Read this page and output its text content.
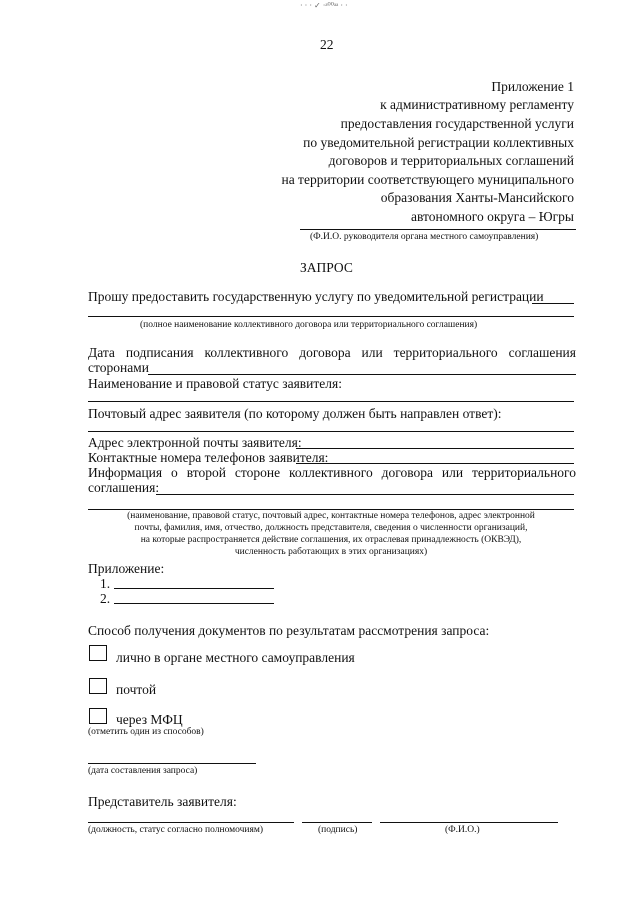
· · · ✓ ·ᵃ⁰⁰ᵃᵃ · ·
22
Приложение 1
к административному регламенту
предоставления государственной услуги
по уведомительной регистрации коллективных
договоров и территориальных соглашений
на территории соответствующего муниципального
образования Ханты-Мансийского
автономного округа – Югры
(Ф.И.О. руководителя органа местного самоуправления)
ЗАПРОС
Прошу предоставить государственную услугу по уведомительной регистрации
(полное наименование коллективного договора или территориального соглашения)
Дата подписания коллективного договора или территориального соглашения
сторонами
Наименование и правовой статус заявителя:
Почтовый адрес заявителя (по которому должен быть направлен ответ):
Адрес электронной почты заявителя:
Контактные номера телефонов заявителя:
Информация о второй стороне коллективного договора или территориального
соглашения:
(наименование, правовой статус, почтовый адрес, контактные номера телефонов, адрес электронной
почты, фамилия, имя, отчество, должность представителя, сведения о численности организаций,
на которые распространяется действие соглашения, их отраслевая принадлежность (ОКВЭД),
численность работающих в этих организациях)
Приложение:
1.
2.
Способ получения документов по результатам рассмотрения запроса:
лично в органе местного самоуправления
почтой
через МФЦ
(отметить один из способов)
(дата составления запроса)
Представитель заявителя:
(должность, статус согласно полномочиям)	(подпись)	(Ф.И.О.)
